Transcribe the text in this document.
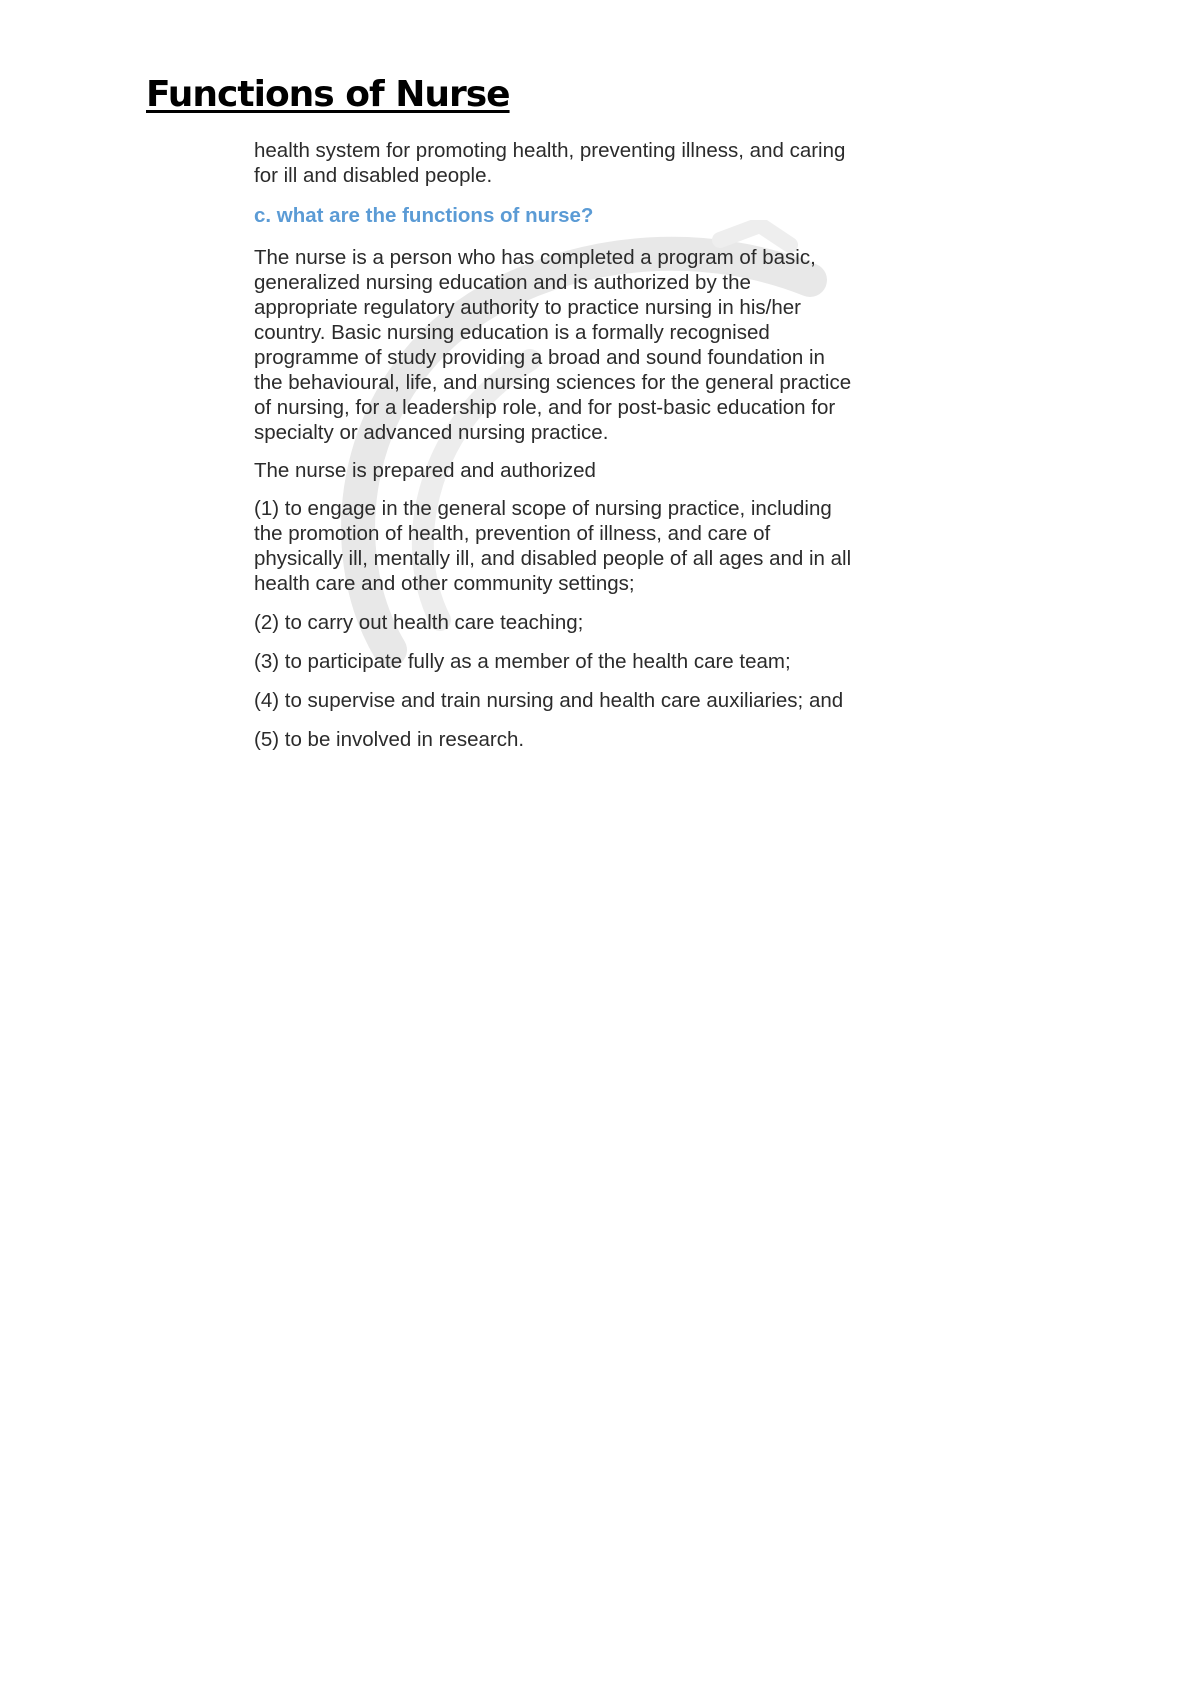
Functions of Nurse
health system for promoting health, preventing illness, and caring
for ill and disabled people.
c. what are the functions of nurse?
The nurse is a person who has completed a program of basic,
generalized nursing education and is authorized by the
appropriate regulatory authority to practice nursing in his/her
country. Basic nursing education is a formally recognised
programme of study providing a broad and sound foundation in
the behavioural, life, and nursing sciences for the general practice
of nursing, for a leadership role, and for post-basic education for
specialty or advanced nursing practice.
The nurse is prepared and authorized
(1) to engage in the general scope of nursing practice, including
the promotion of health, prevention of illness, and care of
physically ill, mentally ill, and disabled people of all ages and in all
health care and other community settings;
(2) to carry out health care teaching;
(3) to participate fully as a member of the health care team;
(4) to supervise and train nursing and health care auxiliaries; and
(5) to be involved in research.
